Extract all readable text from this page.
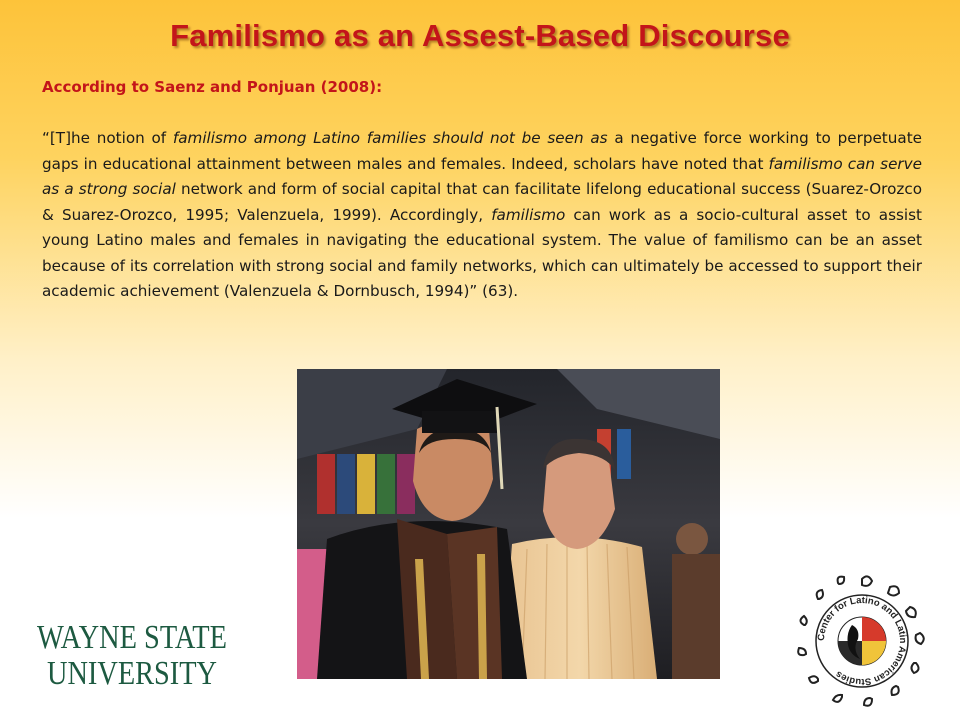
Familismo as an Assest-Based Discourse
According to Saenz and Ponjuan (2008):
“[T]he notion of familismo among Latino families should not be seen as a negative force working to perpetuate gaps in educational attainment between males and females. Indeed, scholars have noted that familismo can serve as a strong social network and form of social capital that can facilitate lifelong educational success (Suarez-Orozco & Suarez-Orozco, 1995; Valenzuela, 1999). Accordingly, familismo can work as a socio-cultural asset to assist young Latino males and females in navigating the educational system. The value of familismo can be an asset because of its correlation with strong social and family networks, which can ultimately be accessed to support their academic achievement (Valenzuela & Dornbusch, 1994)” (63).
WAYNE STATE
UNIVERSITY
Center for Latino and Latin American Studies
